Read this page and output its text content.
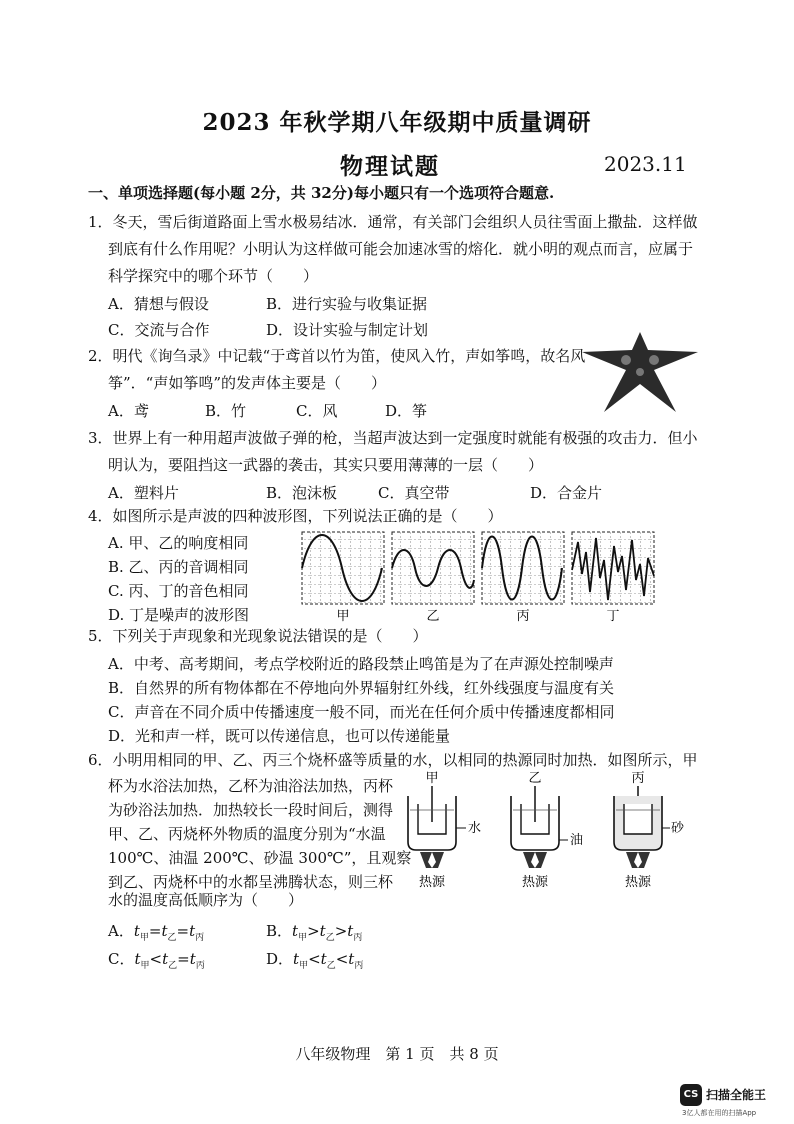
2023 年秋学期八年级期中质量调研
物理试题	2023.11
一、单项选择题(每小题 2分，共 32分)每小题只有一个选项符合题意.
1．冬天，雪后街道路面上雪水极易结冰．通常，有关部门会组织人员往雪面上撒盐．这样做
到底有什么作用呢？小明认为这样做可能会加速冰雪的熔化．就小明的观点而言，应属于
科学探究中的哪个环节（　　）
A．猜想与假设	B．进行实验与收集证据
C．交流与合作	D．设计实验与制定计划
2．明代《询刍录》中记载“于鸢首以竹为笛，使风入竹，声如筝鸣，故名风
筝”．“声如筝鸣”的发声体主要是（　　）
A．鸢	B．竹	C．风	D．筝
3．世界上有一种用超声波做子弹的枪，当超声波达到一定强度时就能有极强的攻击力．但小
明认为，要阻挡这一武器的袭击，其实只要用薄薄的一层（　　）
A．塑料片	B．泡沫板	C．真空带	D．合金片
4．如图所示是声波的四种波形图，下列说法正确的是（　　）
A. 甲、乙的响度相同
B. 乙、丙的音调相同
C. 丙、丁的音色相同
D. 丁是噪声的波形图	甲	乙	丙	丁
5．下列关于声现象和光现象说法错误的是（　　）
A．中考、高考期间，考点学校附近的路段禁止鸣笛是为了在声源处控制噪声
B．自然界的所有物体都在不停地向外界辐射红外线，红外线强度与温度有关
C．声音在不同介质中传播速度一般不同，而光在任何介质中传播速度都相同
D．光和声一样，既可以传递信息，也可以传递能量
6．小明用相同的甲、乙、丙三个烧杯盛等质量的水，以相同的热源同时加热．如图所示，甲
杯为水浴法加热，乙杯为油浴法加热，丙杯
为砂浴法加热．加热较长一段时间后，测得
甲、乙、丙烧杯外物质的温度分别为“水温
100℃、油温 200℃、砂温 300℃”，且观察
到乙、丙烧杯中的水都呈沸腾状态，则三杯
水的温度高低顺序为（　　）
A．$t_甲=t_乙=t_丙$	B．$t_甲>t_乙>t_丙$
C．$t_甲<t_乙=t_丙$	D．$t_甲<t_乙<t_丙$
甲
水
热源
乙
油
热源
丙
砂
热源
八年级物理　第 1 页　共 8 页
CS 扫描全能王
3亿人都在用的扫描App
